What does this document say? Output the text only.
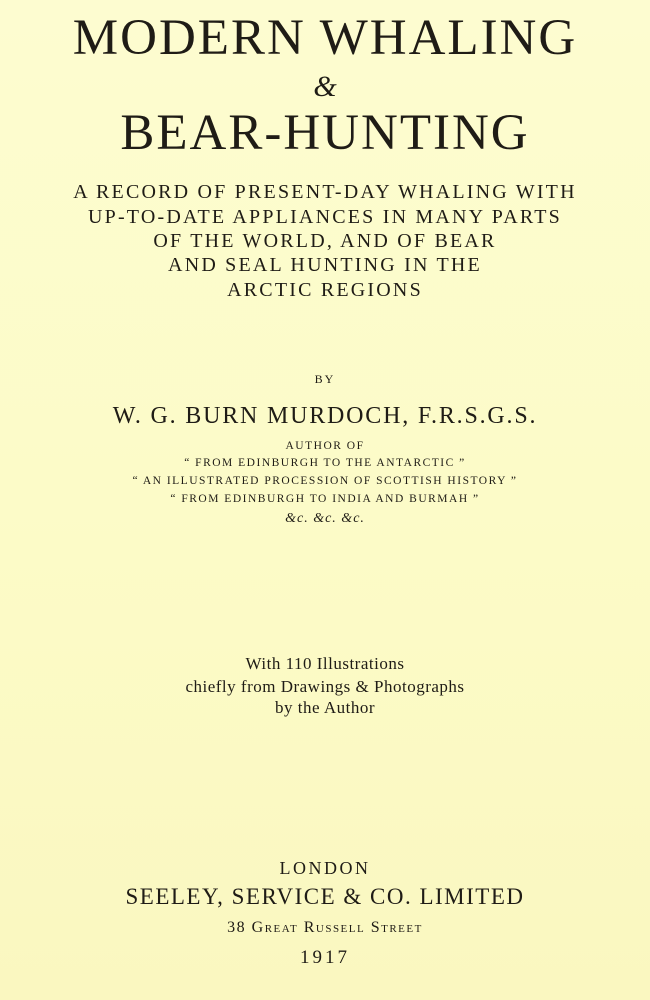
MODERN WHALING
&
BEAR-HUNTING
A RECORD OF PRESENT-DAY WHALING WITH
UP-TO-DATE APPLIANCES IN MANY PARTS
OF THE WORLD, AND OF BEAR
AND SEAL HUNTING IN THE
ARCTIC REGIONS
BY
W. G. BURN MURDOCH, F.R.S.G.S.
AUTHOR OF
“ FROM EDINBURGH TO THE ANTARCTIC ”
“ AN ILLUSTRATED PROCESSION OF SCOTTISH HISTORY ”
“ FROM EDINBURGH TO INDIA AND BURMAH ”
&c. &c. &c.
With 110 Illustrations
chiefly from Drawings & Photographs
by the Author
LONDON
SEELEY, SERVICE & CO. LIMITED
38 Great Russell Street
1917
